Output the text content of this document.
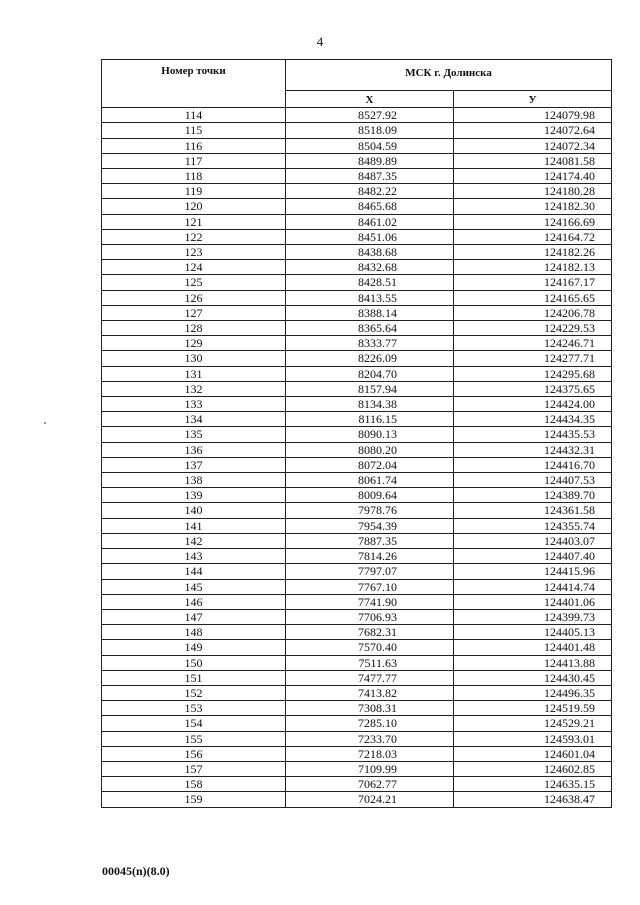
4
Номер точки	МСК г. Долинска	
	X	У
114	8527.92	124079.98
115	8518.09	124072.64
116	8504.59	124072.34
117	8489.89	124081.58
118	8487.35	124174.40
119	8482.22	124180.28
120	8465.68	124182.30
121	8461.02	124166.69
122	8451.06	124164.72
123	8438.68	124182.26
124	8432.68	124182.13
125	8428.51	124167.17
126	8413.55	124165.65
127	8388.14	124206.78
128	8365.64	124229.53
129	8333.77	124246.71
130	8226.09	124277.71
131	8204.70	124295.68
132	8157.94	124375.65
133	8134.38	124424.00
134	8116.15	124434.35
135	8090.13	124435.53
136	8080.20	124432.31
137	8072.04	124416.70
138	8061.74	124407.53
139	8009.64	124389.70
140	7978.76	124361.58
141	7954.39	124355.74
142	7887.35	124403.07
143	7814.26	124407.40
144	7797.07	124415.96
145	7767.10	124414.74
146	7741.90	124401.06
147	7706.93	124399.73
148	7682.31	124405.13
149	7570.40	124401.48
150	7511.63	124413.88
151	7477.77	124430.45
152	7413.82	124496.35
153	7308.31	124519.59
154	7285.10	124529.21
155	7233.70	124593.01
156	7218.03	124601.04
157	7109.99	124602.85
158	7062.77	124635.15
159	7024.21	124638.47
00045(n)(8.0)
